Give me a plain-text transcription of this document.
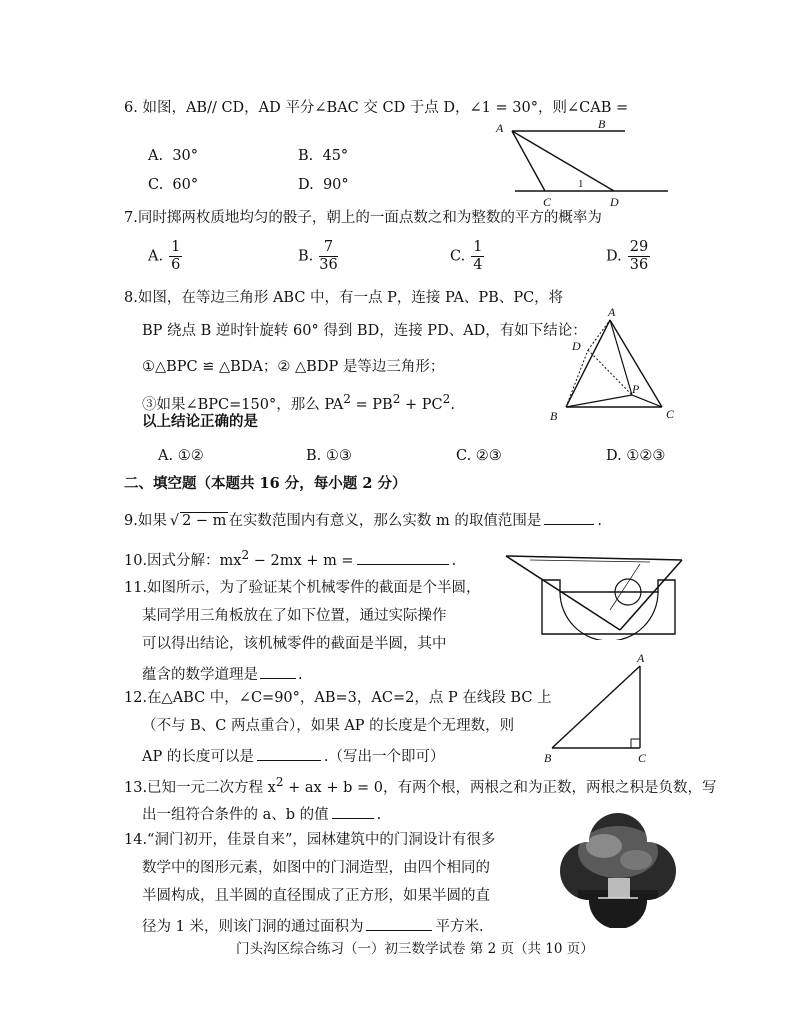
6. 如图，AB// CD，AD 平分∠BAC 交 CD 于点 D，∠1 = 30°，则∠CAB =
A. 30°	B. 45°
C. 60°	D. 90°
A	B
C	D
1
7.同时掷两枚质地均匀的骰子，朝上的一面点数之和为整数的平方的概率为
A. $\frac{1}{6}$	B. $\frac{7}{36}$	C. $\frac{1}{4}$	D. $\frac{29}{36}$
8.如图，在等边三角形 ABC 中，有一点 P，连接 PA、PB、PC，将
BP 绕点 B 逆时针旋转 60° 得到 BD，连接 PD、AD，有如下结论：
①△BPC ≌ △BDA；② △BDP 是等边三角形；
③如果∠BPC=150°，那么 $PA^2 = PB^2 + PC^2$.
以上结论正确的是
A. ①②	B. ①③	C. ②③	D. ①②③
A
D
P
B	C
二、填空题（本题共 16 分，每小题 2 分）
9.如果 √ 2 − m 在实数范围内有意义，那么实数 m 的取值范围是	.
10.因式分解：$mx^2 - 2mx + m$ =	.
11.如图所示，为了验证某个机械零件的截面是个半圆，
某同学用三角板放在了如下位置，通过实际操作
可以得出结论，该机械零件的截面是半圆，其中
蕴含的数学道理是	.
12.在△ABC 中，∠C=90°，AB=3，AC=2，点 P 在线段 BC 上
（不与 B、C 两点重合），如果 AP 的长度是个无理数，则
AP 的长度可以是	.（写出一个即可）
A
B	C
13.已知一元二次方程 $x^2$ + ax + b = 0，有两个根，两根之和为正数，两根之积是负数，写
出一组符合条件的 a、b 的值	.
14.“洞门初开，佳景自来”，园林建筑中的门洞设计有很多
数学中的图形元素，如图中的门洞造型，由四个相同的
半圆构成，且半圆的直径围成了正方形，如果半圆的直
径为 1 米，则该门洞的通过面积为	平方米.
门头沟区综合练习（一）初三数学试卷 第 2 页（共 10 页）
